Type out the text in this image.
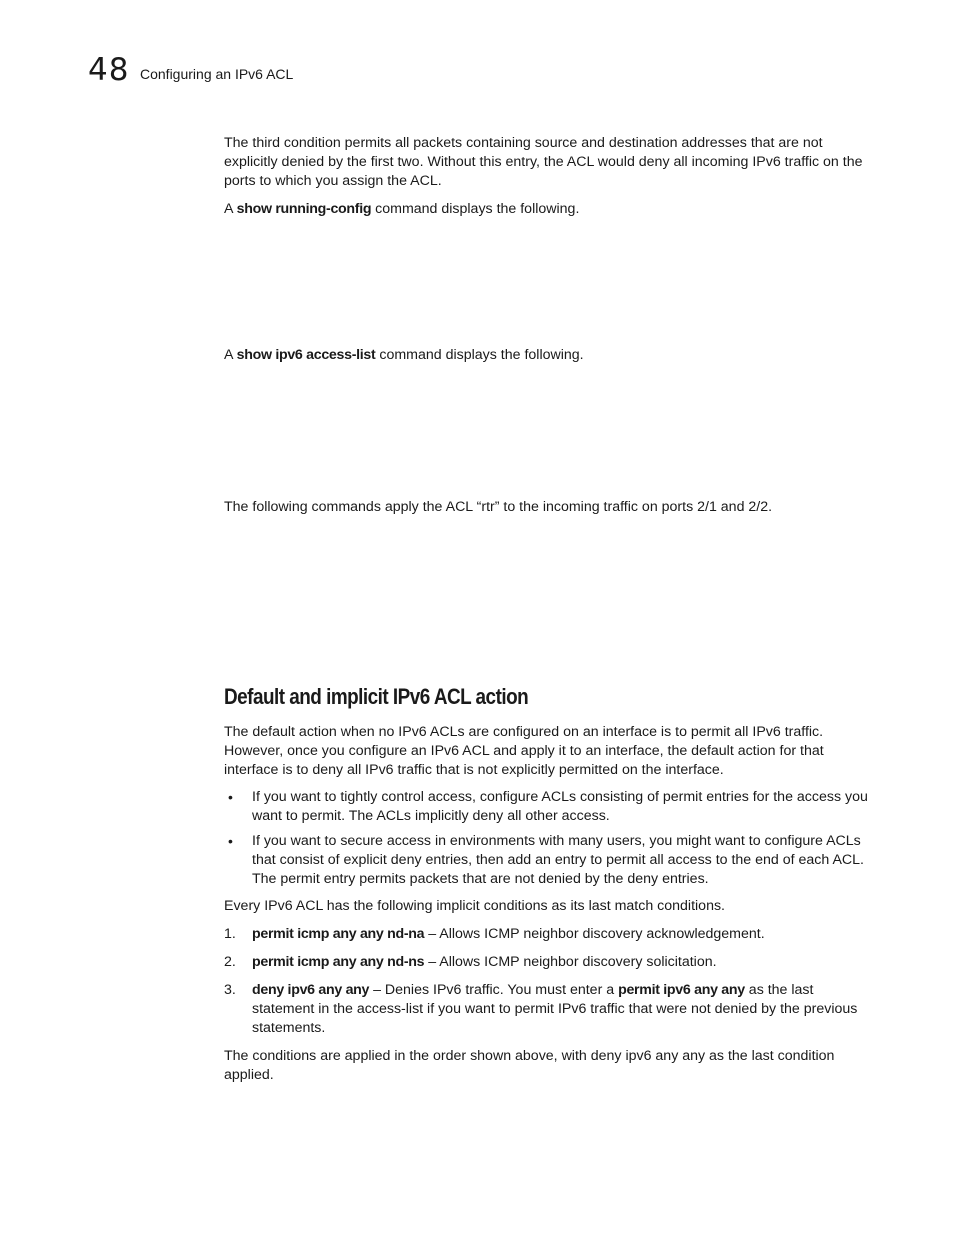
48 Configuring an IPv6 ACL

The third condition permits all packets containing source and destination addresses that are not explicitly denied by the first two. Without this entry, the ACL would deny all incoming IPv6 traffic on the ports to which you assign the ACL.

A show running-config command displays the following.

A show ipv6 access-list command displays the following.

The following commands apply the ACL “rtr” to the incoming traffic on ports 2/1 and 2/2.

Default and implicit IPv6 ACL action

The default action when no IPv6 ACLs are configured on an interface is to permit all IPv6 traffic. However, once you configure an IPv6 ACL and apply it to an interface, the default action for that interface is to deny all IPv6 traffic that is not explicitly permitted on the interface.

•	If you want to tightly control access, configure ACLs consisting of permit entries for the access you want to permit. The ACLs implicitly deny all other access.
•	If you want to secure access in environments with many users, you might want to configure ACLs that consist of explicit deny entries, then add an entry to permit all access to the end of each ACL. The permit entry permits packets that are not denied by the deny entries.

Every IPv6 ACL has the following implicit conditions as its last match conditions.

1.	permit icmp any any nd-na – Allows ICMP neighbor discovery acknowledgement.
2.	permit icmp any any nd-ns – Allows ICMP neighbor discovery solicitation.
3.	deny ipv6 any any – Denies IPv6 traffic. You must enter a permit ipv6 any any as the last statement in the access-list if you want to permit IPv6 traffic that were not denied by the previous statements.

The conditions are applied in the order shown above, with deny ipv6 any any as the last condition applied.
